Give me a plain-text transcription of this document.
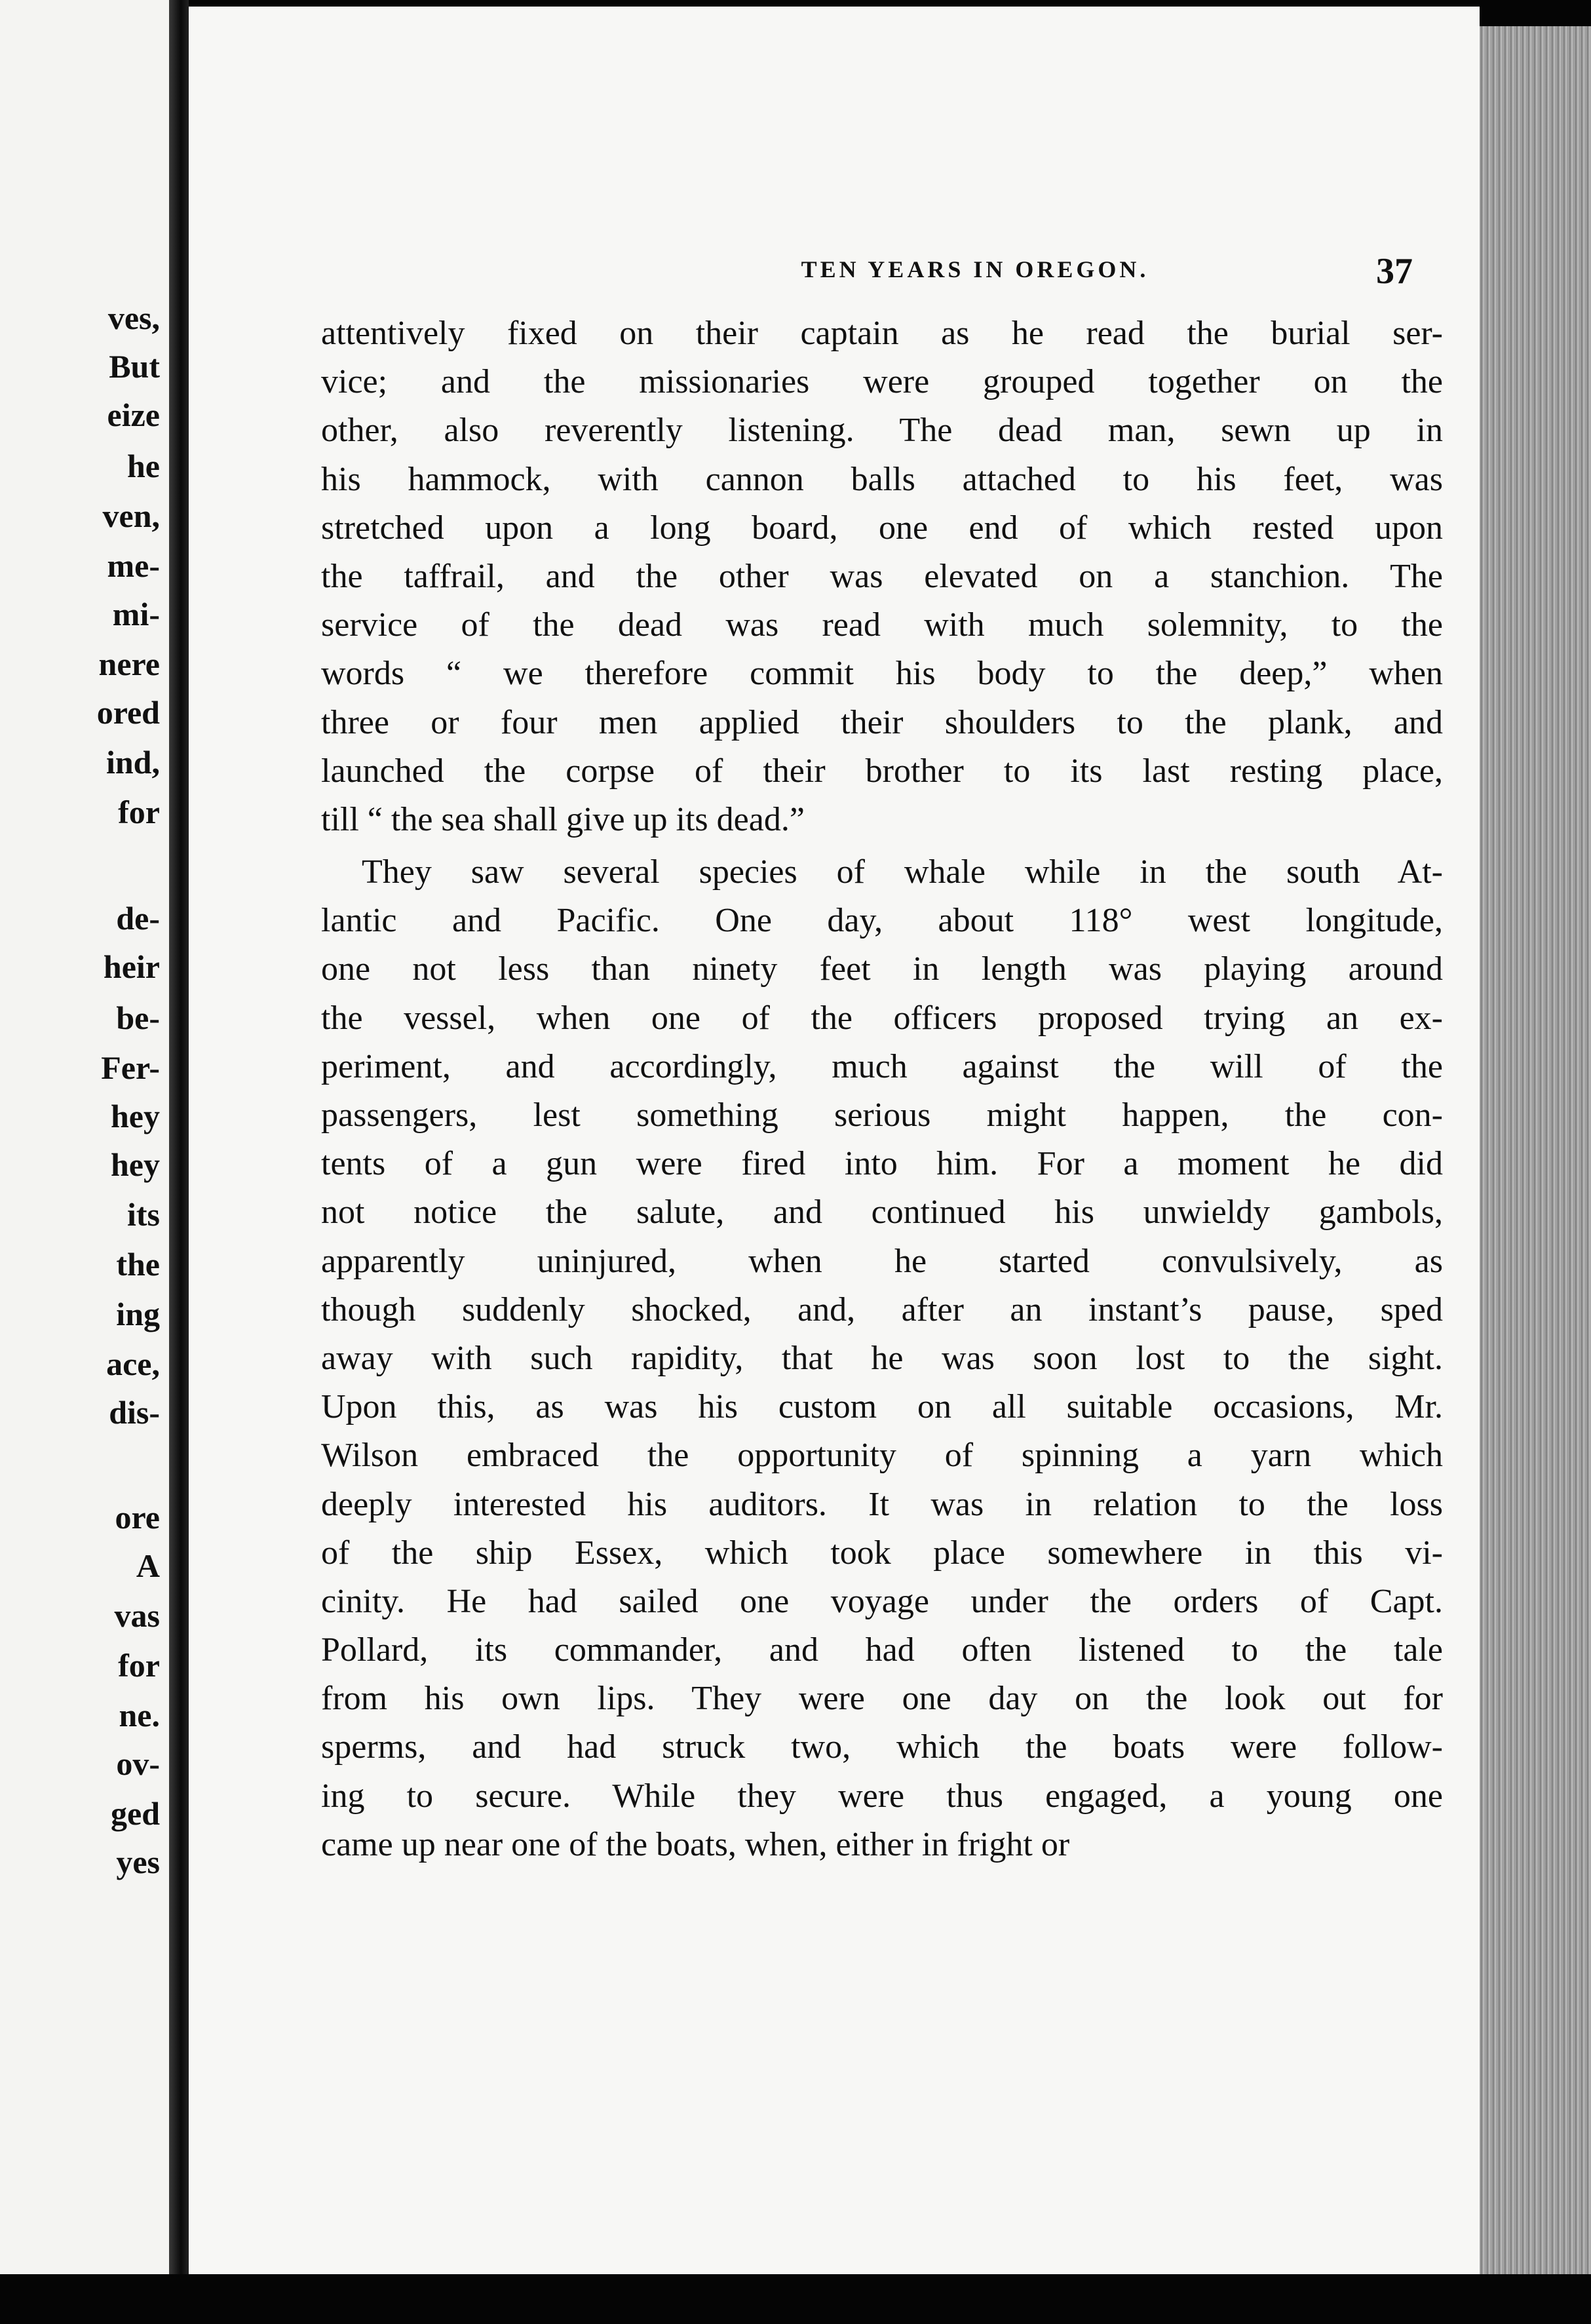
ves,
But
eize
he
ven,
me-
mi-
nere
ored
ind,
for
de-
heir
be-
Fer-
hey
hey
its
the
ing
ace,
dis-
ore
A
vas
for
ne.
ov-
ged
yes
TEN YEARS IN OREGON.	37
attentively fixed on their captain as he read the burial ser-
vice; and the missionaries were grouped together on the
other, also reverently listening. The dead man, sewn up in
his hammock, with cannon balls attached to his feet, was
stretched upon a long board, one end of which rested upon
the taffrail, and the other was elevated on a stanchion. The
service of the dead was read with much solemnity, to the
words “ we therefore commit his body to the deep,” when
three or four men applied their shoulders to the plank, and
launched the corpse of their brother to its last resting place,
till “ the sea shall give up its dead.”
They saw several species of whale while in the south At-
lantic and Pacific. One day, about 118° west longitude,
one not less than ninety feet in length was playing around
the vessel, when one of the officers proposed trying an ex-
periment, and accordingly, much against the will of the
passengers, lest something serious might happen, the con-
tents of a gun were fired into him. For a moment he did
not notice the salute, and continued his unwieldy gambols,
apparently uninjured, when he started convulsively, as
though suddenly shocked, and, after an instant’s pause, sped
away with such rapidity, that he was soon lost to the sight.
Upon this, as was his custom on all suitable occasions, Mr.
Wilson embraced the opportunity of spinning a yarn which
deeply interested his auditors. It was in relation to the loss
of the ship Essex, which took place somewhere in this vi-
cinity. He had sailed one voyage under the orders of Capt.
Pollard, its commander, and had often listened to the tale
from his own lips. They were one day on the look out for
sperms, and had struck two, which the boats were follow-
ing to secure. While they were thus engaged, a young one
came up near one of the boats, when, either in fright or
